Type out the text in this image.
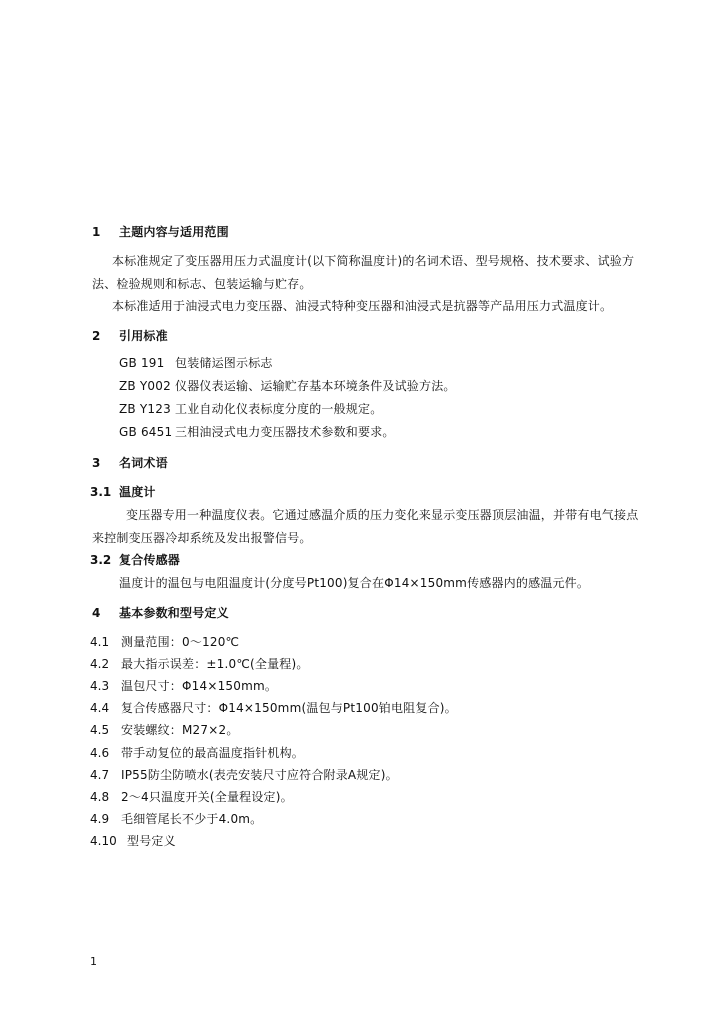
1 主题内容与适用范围
本标准规定了变压器用压力式温度计(以下简称温度计)的名词术语、型号规格、技术要求、试验方
法、检验规则和标志、包装运输与贮存。
本标准适用于油浸式电力变压器、油浸式特种变压器和油浸式是抗器等产品用压力式温度计。
2 引用标准
GB 191 包装储运图示标志
ZB Y002 仪器仪表运输、运输贮存基本环境条件及试验方法。
ZB Y123 工业自动化仪表标度分度的一般规定。
GB 6451 三相油浸式电力变压器技术参数和要求。
3 名词术语
3.1 温度计
变压器专用一种温度仪表。它通过感温介质的压力变化来显示变压器顶层油温，并带有电气接点
来控制变压器冷却系统及发出报警信号。
3.2 复合传感器
温度计的温包与电阻温度计(分度号Pt100)复合在Φ14×150mm传感器内的感温元件。
4 基本参数和型号定义
4.1 测量范围：0～120℃
4.2 最大指示误差：±1.0℃(全量程)。
4.3 温包尺寸：Φ14×150mm。
4.4 复合传感器尺寸：Φ14×150mm(温包与Pt100铂电阻复合)。
4.5 安装螺纹：M27×2。
4.6 带手动复位的最高温度指针机构。
4.7 IP55防尘防喷水(表壳安装尺寸应符合附录A规定)。
4.8 2～4只温度开关(全量程设定)。
4.9 毛细管尾长不少于4.0m。
4.10 型号定义
1
